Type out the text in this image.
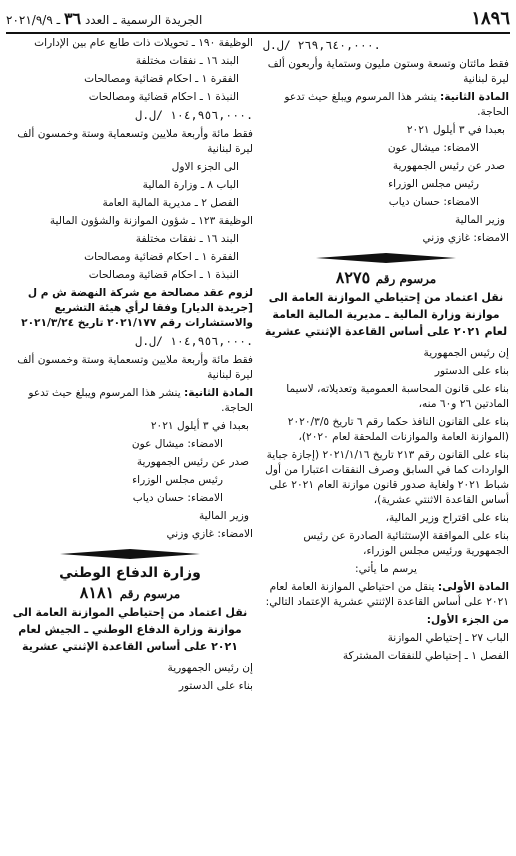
١٨٩٦
الجريدة الرسمية ـ العدد ٣٦ ـ ٢٠٢١/٩/٩
٢٦٩,٦٤٠,٠٠٠ /ل.ل.
فقط مائتان وتسعة وستون مليون وستماية وأربعون ألف ليرة لبنانية
المادة الثانية: ينشر هذا المرسوم ويبلغ حيث تدعو الحاجة.
بعبدا في ٣ أيلول ٢٠٢١
الامضاء: ميشال عون
صدر عن رئيس الجمهورية
رئيس مجلس الوزراء
الامضاء: حسان دياب
وزير المالية
الامضاء: غازي وزني
مرسوم رقم ٨٢٧٥
نقل اعتماد من إحتياطي الموازنة العامة الى موازنة وزارة المالية ـ مديرية المالية العامة لعام ٢٠٢١ على أساس القاعدة الإثنتي عشرية
إن رئيس الجمهورية
بناء على الدستور
بناء على قانون المحاسبة العمومية وتعديلاته، لاسيما المادتين ٢٦ و٦٠ منه،
بناء على القانون النافذ حكما رقم ٦ تاريخ ٢٠٢٠/٣/٥ (الموازنة العامة والموازنات الملحقة لعام ٢٠٢٠)،
بناء على القانون رقم ٢١٣ تاريخ ٢٠٢١/١/١٦ (إجازة جباية الواردات كما في السابق وصرف النفقات اعتبارا من أول شباط ٢٠٢١ ولغاية صدور قانون موازنة العام ٢٠٢١ على أساس القاعدة الاثنتي عشرية)،
بناء على اقتراح وزير المالية،
بناء على الموافقة الإستثنائية الصادرة عن رئيس الجمهورية ورئيس مجلس الوزراء،
يرسم ما يأتي:
المادة الأولى: ينقل من احتياطي الموازنة العامة لعام ٢٠٢١ على أساس القاعدة الإثنتي عشرية الإعتماد التالي:
من الجزء الأول:
الباب ٢٧ ـ إحتياطي الموازنة
الفصل ١ ـ إحتياطي للنفقات المشتركة
الوظيفة ١٩٠ ـ تحويلات ذات طابع عام بين الإدارات
البند ١٦ ـ نفقات مختلفة
الفقرة ١ ـ احكام قضائية ومصالحات
النبذة ١ ـ احكام قضائية ومصالحات
١٠٤,٩٥٦,٠٠٠ /ل.ل.
فقط مائة وأربعة ملايين وتسعماية وستة وخمسون ألف ليرة لبنانية
الى الجزء الاول
الباب ٨ ـ وزارة المالية
الفصل ٢ ـ مديرية المالية العامة
الوظيفة ١٢٣ ـ شؤون الموازنة والشؤون المالية
البند ١٦ ـ نفقات مختلفة
الفقرة ١ ـ احكام قضائية ومصالحات
النبذة ١ ـ احكام قضائية ومصالحات
لزوم عقد مصالحة مع شركة النهضة ش م ل [جريدة الديار] وفقا لرأي هيئة التشريع والاستشارات رقم ٢٠٢١/١٧٧ تاريخ ٢٠٢١/٣/٢٤
١٠٤,٩٥٦,٠٠٠ /ل.ل.
فقط مائة وأربعة ملايين وتسعماية وستة وخمسون ألف ليرة لبنانية
المادة الثانية: ينشر هذا المرسوم ويبلغ حيث تدعو الحاجة.
بعبدا في ٣ أيلول ٢٠٢١
الامضاء: ميشال عون
صدر عن رئيس الجمهورية
رئيس مجلس الوزراء
الامضاء: حسان دياب
وزير المالية
الامضاء: غازي وزني
وزارة الدفاع الوطني
مرسوم رقم ٨١٨١
نقل اعتماد من إحتياطي الموازنة العامة الى موازنة وزارة الدفاع الوطني ـ الجيش لعام ٢٠٢١ على أساس القاعدة الإثنتي عشرية
إن رئيس الجمهورية
بناء على الدستور
